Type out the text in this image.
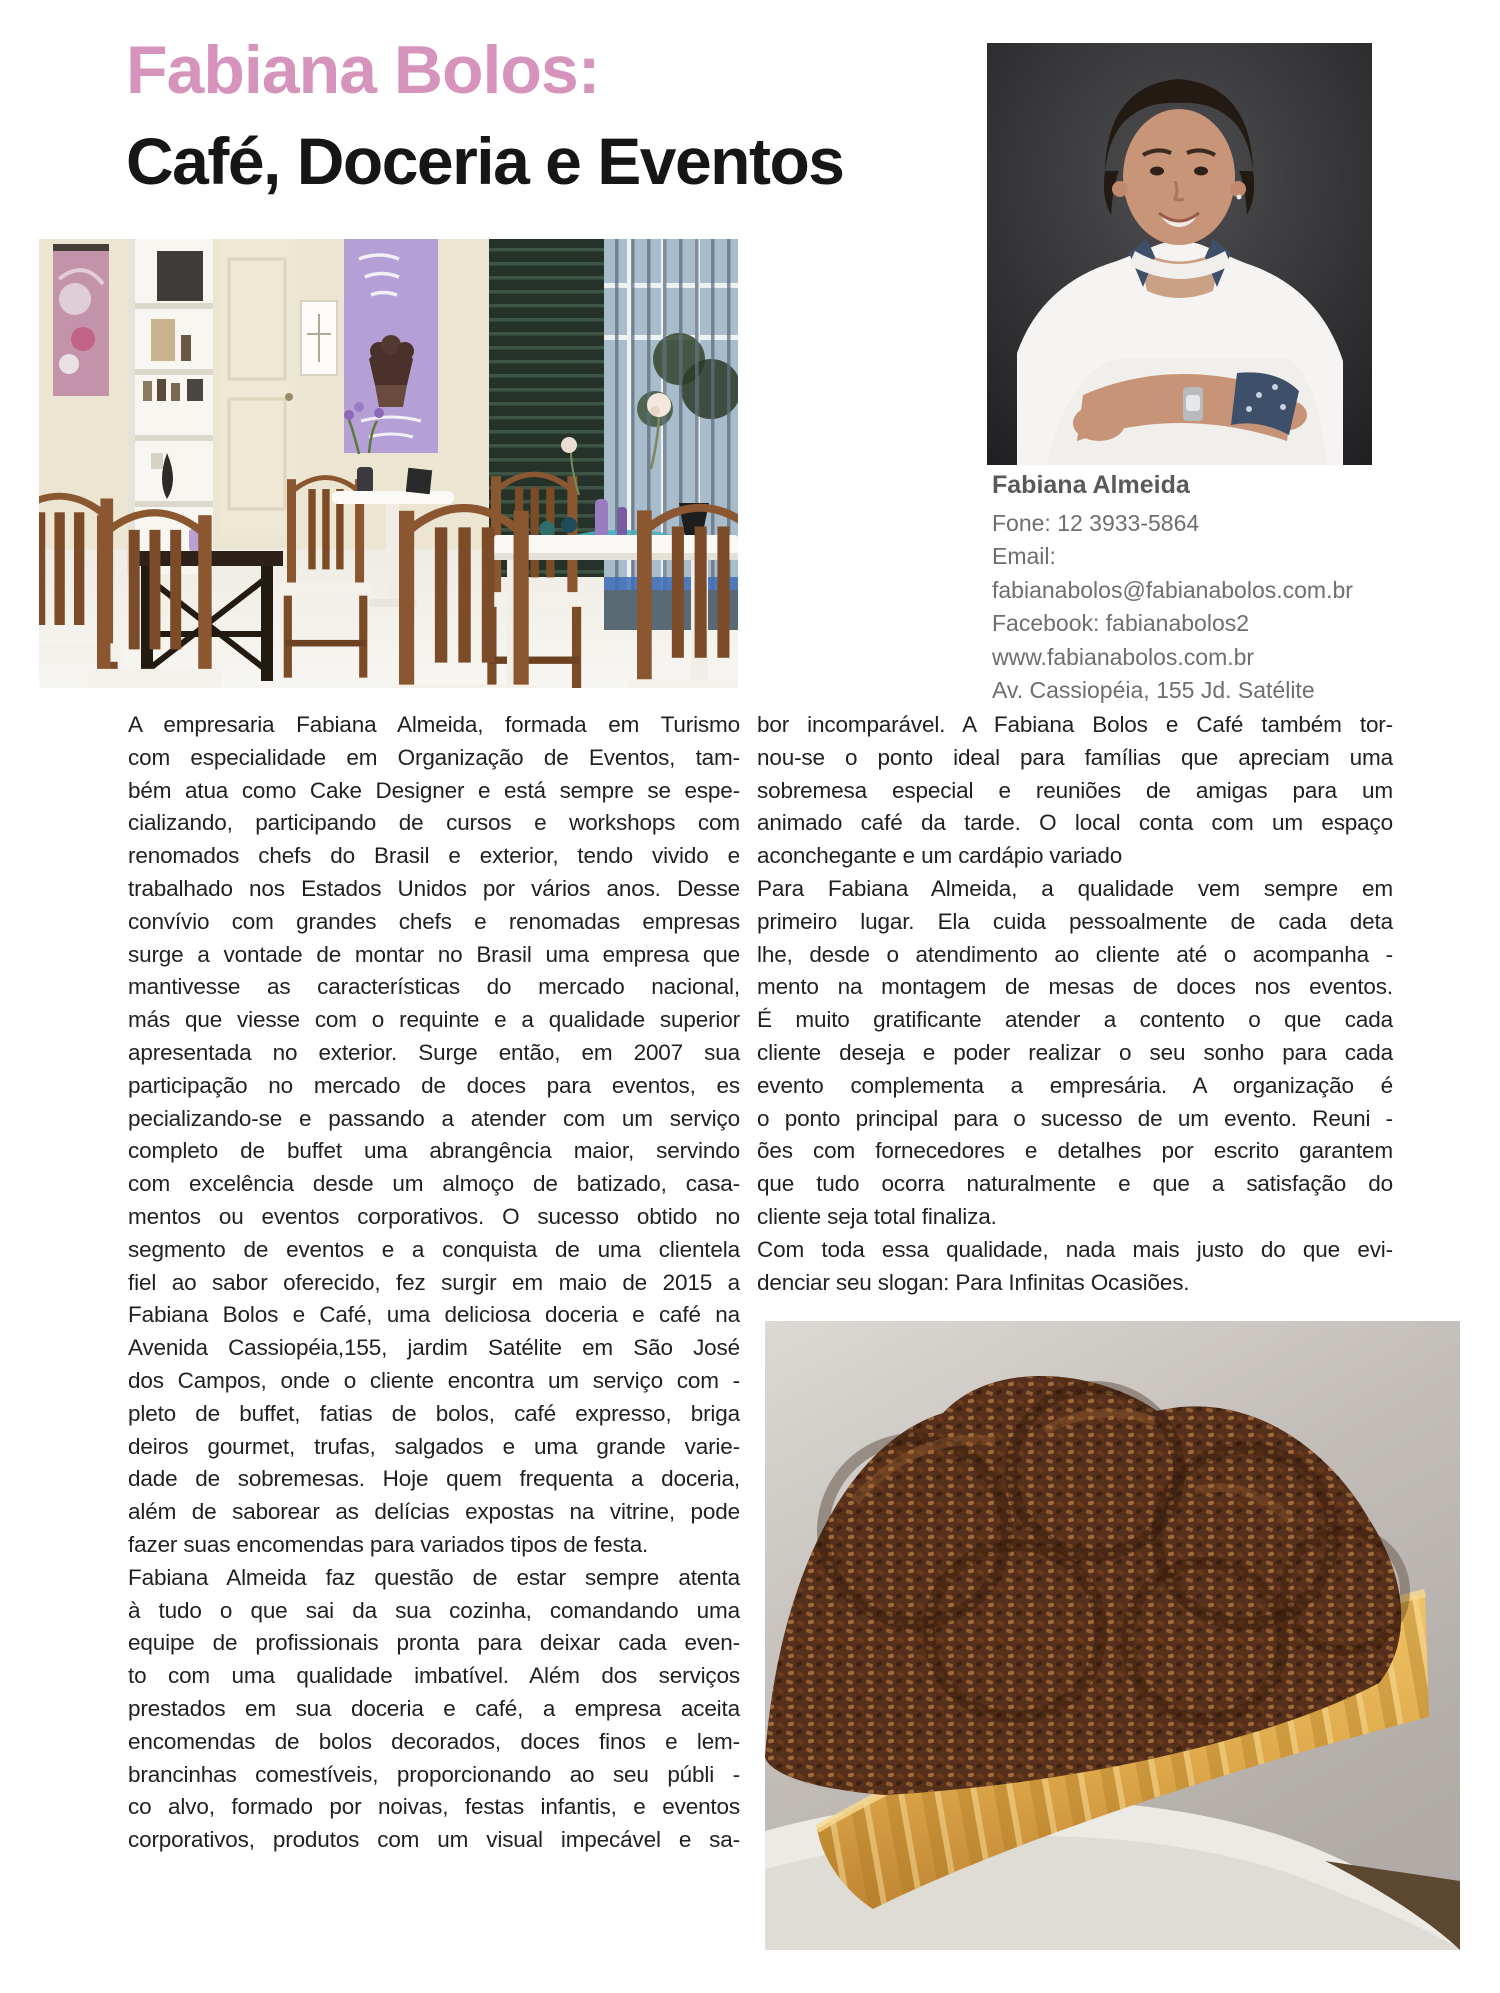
Fabiana Bolos:
Café, Doceria e Eventos
Fabiana Almeida
Fone: 12 3933-5864
Email: fabianabolos@fabianabolos.com.br
Facebook: fabianabolos2
www.fabianabolos.com.br
Av. Cassiopéia, 155 Jd. Satélite
A empresaria Fabiana Almeida, formada em Turismo
com especialidade em Organização de Eventos, tam-
bém atua como Cake Designer e está sempre se espe-
cializando, participando de cursos e workshops com
renomados chefs do Brasil e exterior, tendo vivido e
trabalhado nos Estados Unidos por vários anos. Desse
convívio com grandes chefs e renomadas empresas
surge a vontade de montar no Brasil uma empresa que
mantivesse as características do mercado nacional,
más que viesse com o requinte e a qualidade superior
apresentada no exterior. Surge então, em 2007 sua
participação no mercado de doces para eventos, es
pecializando-se e passando a atender com um serviço
completo de buffet uma abrangência maior, servindo
com excelência desde um almoço de batizado, casa-
mentos ou eventos corporativos. O sucesso obtido no
segmento de eventos e a conquista de uma clientela
fiel ao sabor oferecido, fez surgir em maio de 2015 a
Fabiana Bolos e Café, uma deliciosa doceria e café na
Avenida Cassiopéia,155, jardim Satélite em São José
dos Campos, onde o cliente encontra um serviço com -
pleto de buffet, fatias de bolos, café expresso, briga
deiros gourmet, trufas, salgados e uma grande varie-
dade de sobremesas. Hoje quem frequenta a doceria,
além de saborear as delícias expostas na vitrine, pode
fazer suas encomendas para variados tipos de festa.
Fabiana Almeida faz questão de estar sempre atenta
à tudo o que sai da sua cozinha, comandando uma
equipe de profissionais pronta para deixar cada even-
to com uma qualidade imbatível. Além dos serviços
prestados em sua doceria e café, a empresa aceita
encomendas de bolos decorados, doces finos e lem-
brancinhas comestíveis, proporcionando ao seu públi -
co alvo, formado por noivas, festas infantis, e eventos
corporativos, produtos com um visual impecável e sa-
bor incomparável. A Fabiana Bolos e Café também tor-
nou-se o ponto ideal para famílias que apreciam uma
sobremesa especial e reuniões de amigas para um
animado café da tarde. O local conta com um espaço
aconchegante e um cardápio variado
Para Fabiana Almeida, a qualidade vem sempre em
primeiro lugar. Ela cuida pessoalmente de cada deta
lhe, desde o atendimento ao cliente até o acompanha -
mento na montagem de mesas de doces nos eventos.
É muito gratificante atender a contento o que cada
cliente deseja e poder realizar o seu sonho para cada
evento complementa a empresária. A organização é
o ponto principal para o sucesso de um evento. Reuni -
ões com fornecedores e detalhes por escrito garantem
que tudo ocorra naturalmente e que a satisfação do
cliente seja total finaliza.
Com toda essa qualidade, nada mais justo do que evi-
denciar seu slogan: Para Infinitas Ocasiões.
